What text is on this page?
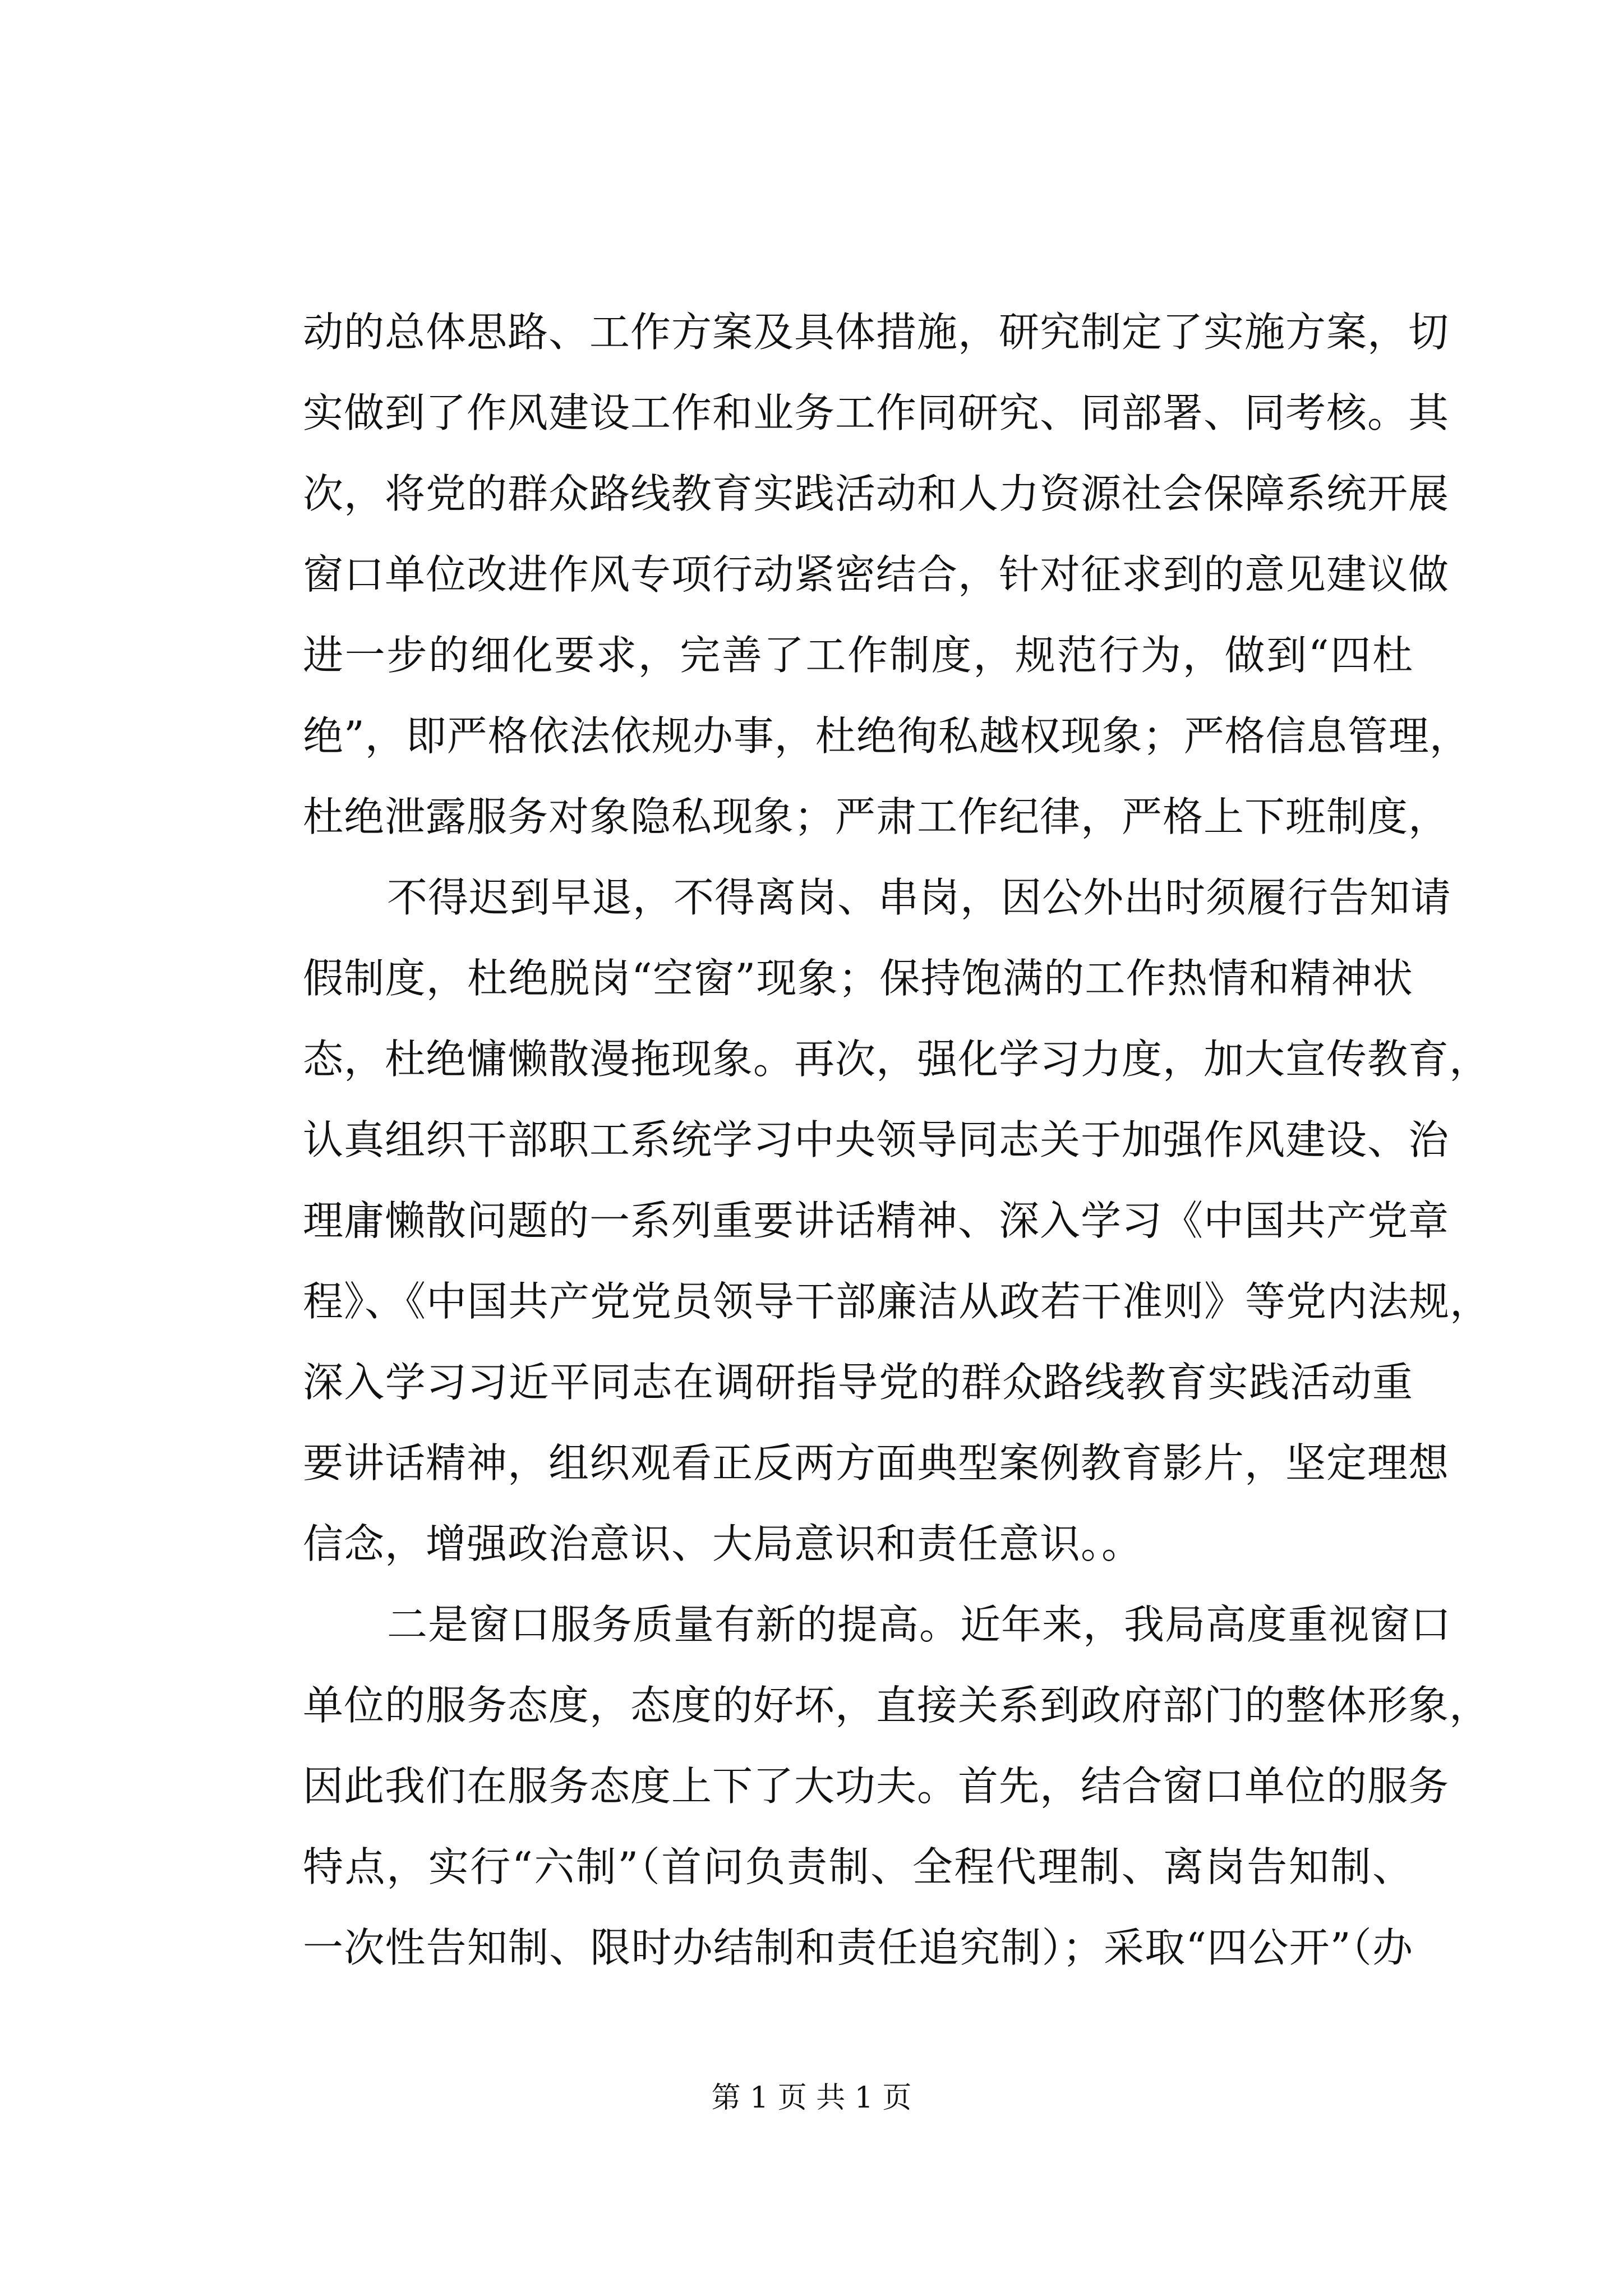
动的总体思路、工作方案及具体措施，研究制定了实施方案，切
实做到了作风建设工作和业务工作同研究、同部署、同考核。其
次，将党的群众路线教育实践活动和人力资源社会保障系统开展
窗口单位改进作风专项行动紧密结合，针对征求到的意见建议做
进一步的细化要求，完善了工作制度，规范行为，做到“四杜
绝”，即严格依法依规办事，杜绝徇私越权现象；严格信息管理，
杜绝泄露服务对象隐私现象；严肃工作纪律，严格上下班制度，
不得迟到早退，不得离岗、串岗，因公外出时须履行告知请
假制度，杜绝脱岗“空窗”现象；保持饱满的工作热情和精神状
态，杜绝慵懒散漫拖现象。再次，强化学习力度，加大宣传教育，
认真组织干部职工系统学习中央领导同志关于加强作风建设、治
理庸懒散问题的一系列重要讲话精神、深入学习《中国共产党章
程》、《中国共产党党员领导干部廉洁从政若干准则》等党内法规，
深入学习习近平同志在调研指导党的群众路线教育实践活动重
要讲话精神，组织观看正反两方面典型案例教育影片，坚定理想
信念，增强政治意识、大局意识和责任意识。。
二是窗口服务质量有新的提高。近年来，我局高度重视窗口
单位的服务态度，态度的好坏，直接关系到政府部门的整体形象，
因此我们在服务态度上下了大功夫。首先，结合窗口单位的服务
特点，实行“六制”（首问负责制、全程代理制、离岗告知制、
一次性告知制、限时办结制和责任追究制）；采取“四公开”（办
第 1 页 共 1 页
